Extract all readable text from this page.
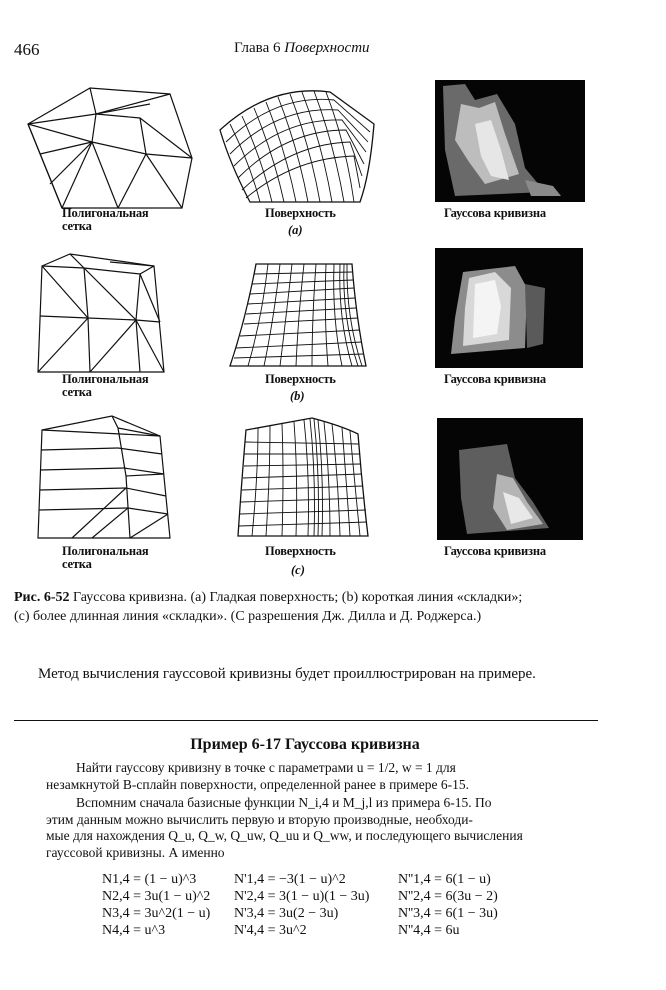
466	Глава 6 Поверхности
Полигональная
сетка
Поверхность
(a)
Гауссова кривизна
Полигональная
сетка
Поверхность
(b)
Гауссова кривизна
Полигональная
сетка
Поверхность
(c)
Гауссова кривизна
Рис. 6-52 Гауссова кривизна. (a) Гладкая поверхность; (b) короткая линия «складки»;
(c) более длинная линия «складки». (С разрешения Дж. Дилла и Д. Роджерса.)
Метод вычисления гауссовой кривизны будет проиллюстрирован на примере.
Пример 6-17 Гауссова кривизна
Найти гауссову кривизну в точке с параметрами u = 1/2, w = 1 для
незамкнутой B-сплайн поверхности, определенной ранее в примере 6-15.
Вспомним сначала базисные функции N_i,4 и M_j,l из примера 6-15. По
этим данным можно вычислить первую и вторую производные, необходи-
мые для нахождения Q_u, Q_w, Q_uw, Q_uu и Q_ww, и последующего вычисления
гауссовой кривизны. А именно
N1,4 = (1 − u)^3
N2,4 = 3u(1 − u)^2
N3,4 = 3u^2(1 − u)
N4,4 = u^3
N'1,4 = −3(1 − u)^2
N'2,4 = 3(1 − u)(1 − 3u)
N'3,4 = 3u(2 − 3u)
N'4,4 = 3u^2
N''1,4 = 6(1 − u)
N''2,4 = 6(3u − 2)
N''3,4 = 6(1 − 3u)
N''4,4 = 6u
